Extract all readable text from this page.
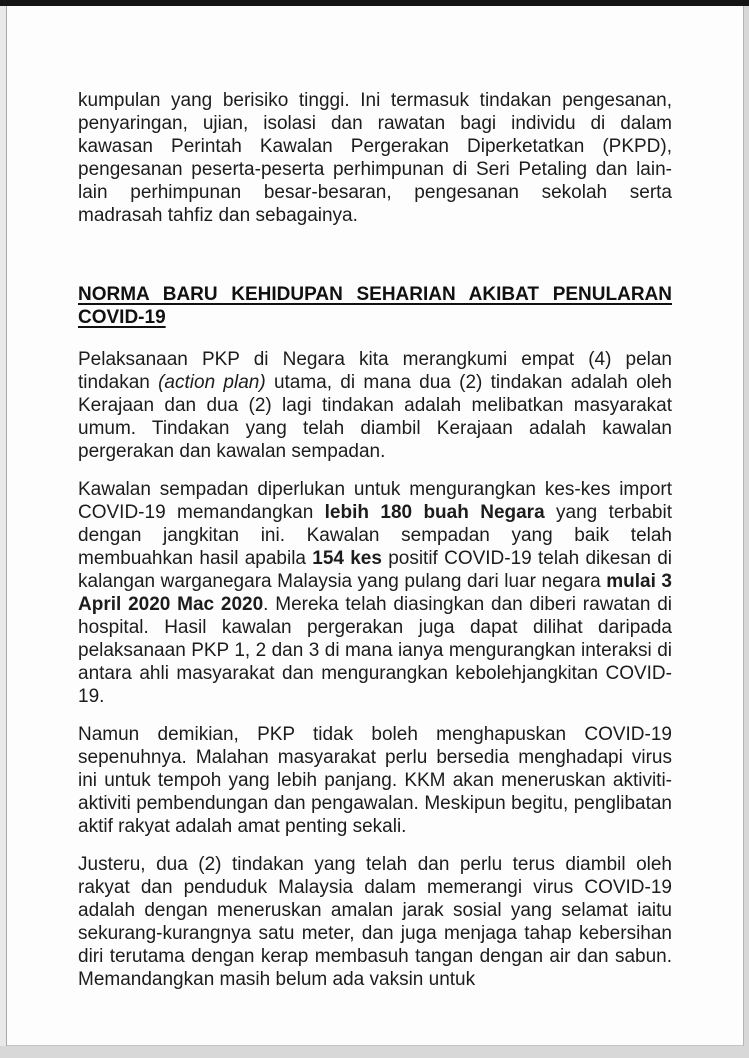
kumpulan yang berisiko tinggi. Ini termasuk tindakan pengesanan, penyaringan, ujian, isolasi dan rawatan bagi individu di dalam kawasan Perintah Kawalan Pergerakan Diperketatkan (PKPD), pengesanan peserta-peserta perhimpunan di Seri Petaling dan lain-lain perhimpunan besar-besaran, pengesanan sekolah serta madrasah tahfiz dan sebagainya.

NORMA BARU KEHIDUPAN SEHARIAN AKIBAT PENULARAN
COVID-19

Pelaksanaan PKP di Negara kita merangkumi empat (4) pelan tindakan (action plan) utama, di mana dua (2) tindakan adalah oleh Kerajaan dan dua (2) lagi tindakan adalah melibatkan masyarakat umum. Tindakan yang telah diambil Kerajaan adalah kawalan pergerakan dan kawalan sempadan.

Kawalan sempadan diperlukan untuk mengurangkan kes-kes import COVID-19 memandangkan lebih 180 buah Negara yang terbabit dengan jangkitan ini. Kawalan sempadan yang baik telah membuahkan hasil apabila 154 kes positif COVID-19 telah dikesan di kalangan warganegara Malaysia yang pulang dari luar negara mulai 3 April 2020 Mac 2020. Mereka telah diasingkan dan diberi rawatan di hospital. Hasil kawalan pergerakan juga dapat dilihat daripada pelaksanaan PKP 1, 2 dan 3 di mana ianya mengurangkan interaksi di antara ahli masyarakat dan mengurangkan kebolehjangkitan COVID-19.

Namun demikian, PKP tidak boleh menghapuskan COVID-19 sepenuhnya. Malahan masyarakat perlu bersedia menghadapi virus ini untuk tempoh yang lebih panjang. KKM akan meneruskan aktiviti-aktiviti pembendungan dan pengawalan. Meskipun begitu, penglibatan aktif rakyat adalah amat penting sekali.

Justeru, dua (2) tindakan yang telah dan perlu terus diambil oleh rakyat dan penduduk Malaysia dalam memerangi virus COVID-19 adalah dengan meneruskan amalan jarak sosial yang selamat iaitu sekurang-kurangnya satu meter, dan juga menjaga tahap kebersihan diri terutama dengan kerap membasuh tangan dengan air dan sabun. Memandangkan masih belum ada vaksin untuk
